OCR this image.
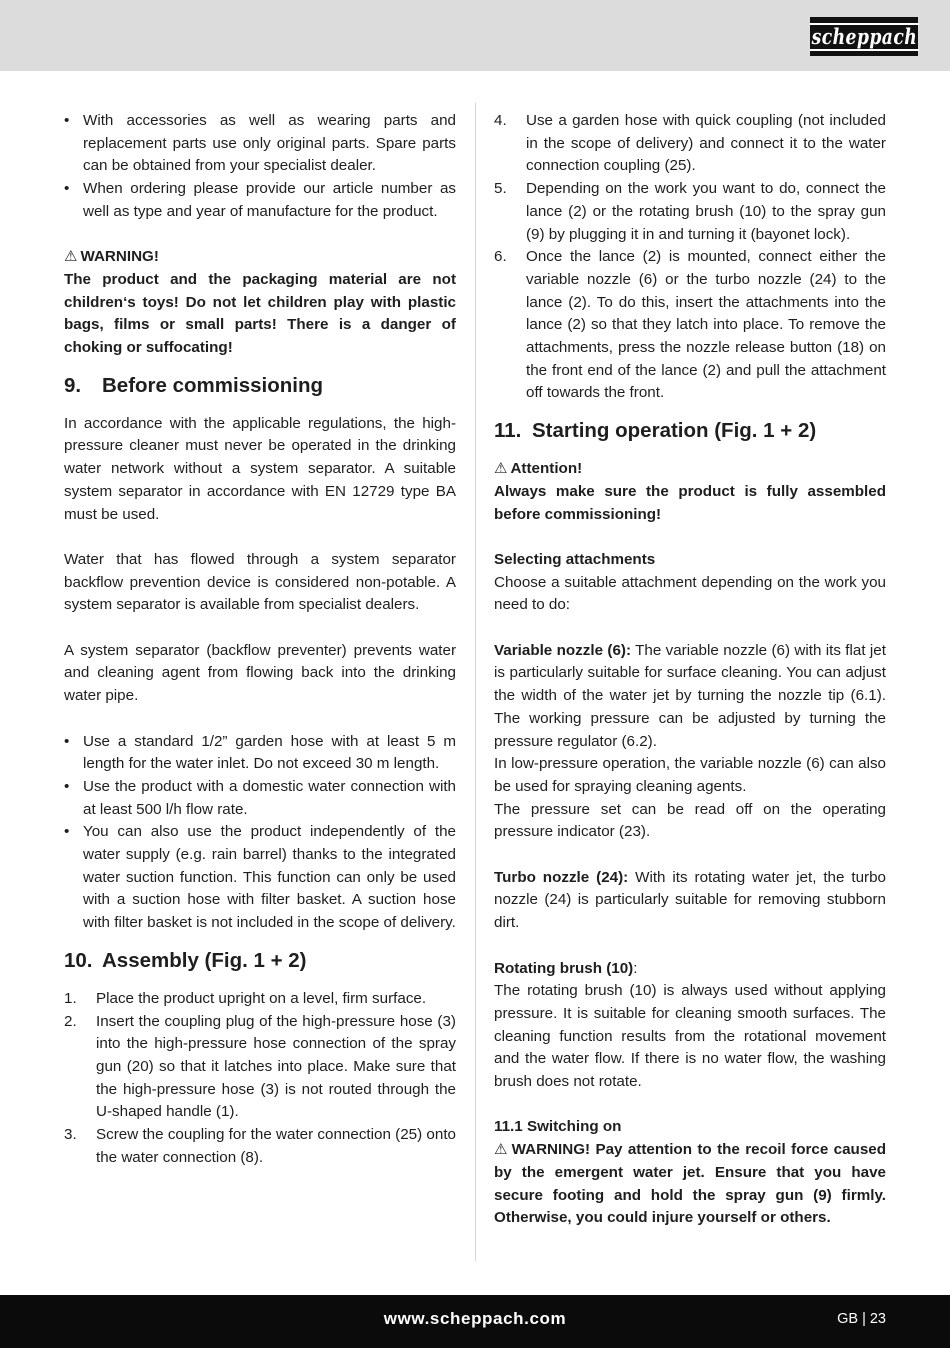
scheppach
• With accessories as well as wearing parts and replacement parts use only original parts. Spare parts can be obtained from your specialist dealer.
• When ordering please provide our article number as well as type and year of manufacture for the product.

⚠ WARNING!

The product and the packaging material are not children‘s toys! Do not let children play with plastic bags, films or small parts! There is a danger of choking or suffocating!

9. Before commissioning

In accordance with the applicable regulations, the high-pressure cleaner must never be operated in the drinking water network without a system separator. A suitable system separator in accordance with EN 12729 type BA must be used.

Water that has flowed through a system separator backflow prevention device is considered non-potable. A system separator is available from specialist dealers.

A system separator (backflow preventer) prevents water and cleaning agent from flowing back into the drinking water pipe.

• Use a standard 1/2” garden hose with at least 5 m length for the water inlet. Do not exceed 30 m length.
• Use the product with a domestic water connection with at least 500 l/h flow rate.
• You can also use the product independently of the water supply (e.g. rain barrel) thanks to the integrated water suction function. This function can only be used with a suction hose with filter basket. A suction hose with filter basket is not included in the scope of delivery.
10. Assembly (Fig. 1 + 2)
1. Place the product upright on a level, firm surface.
2. Insert the coupling plug of the high-pressure hose (3) into the high-pressure hose connection of the spray gun (20) so that it latches into place. Make sure that the high-pressure hose (3) is not routed through the U-shaped handle (1).
3. Screw the coupling for the water connection (25) onto the water connection (8).
4. Use a garden hose with quick coupling (not included in the scope of delivery) and connect it to the water connection coupling (25).
5. Depending on the work you want to do, connect the lance (2) or the rotating brush (10) to the spray gun (9) by plugging it in and turning it (bayonet lock).
6. Once the lance (2) is mounted, connect either the variable nozzle (6) or the turbo nozzle (24) to the lance (2). To do this, insert the attachments into the lance (2) so that they latch into place. To remove the attachments, press the nozzle release button (18) on the front end of the lance (2) and pull the attachment off towards the front.
11. Starting operation (Fig. 1 + 2)

⚠ Attention!

Always make sure the product is fully assembled before commissioning!

Selecting attachments

Choose a suitable attachment depending on the work you need to do:

Variable nozzle (6): The variable nozzle (6) with its flat jet is particularly suitable for surface cleaning. You can adjust the width of the water jet by turning the nozzle tip (6.1). The working pressure can be adjusted by turning the pressure regulator (6.2).

In low-pressure operation, the variable nozzle (6) can also be used for spraying cleaning agents.

The pressure set can be read off on the operating pressure indicator (23).

Turbo nozzle (24): With its rotating water jet, the turbo nozzle (24) is particularly suitable for removing stubborn dirt.

Rotating brush (10):

The rotating brush (10) is always used without applying pressure. It is suitable for cleaning smooth surfaces. The cleaning function results from the rotational movement and the water flow. If there is no water flow, the washing brush does not rotate.

11.1 Switching on

⚠ WARNING! Pay attention to the recoil force caused by the emergent water jet. Ensure that you have secure footing and hold the spray gun (9) firmly. Otherwise, you could injure yourself or others.

www.scheppach.com	GB | 23
